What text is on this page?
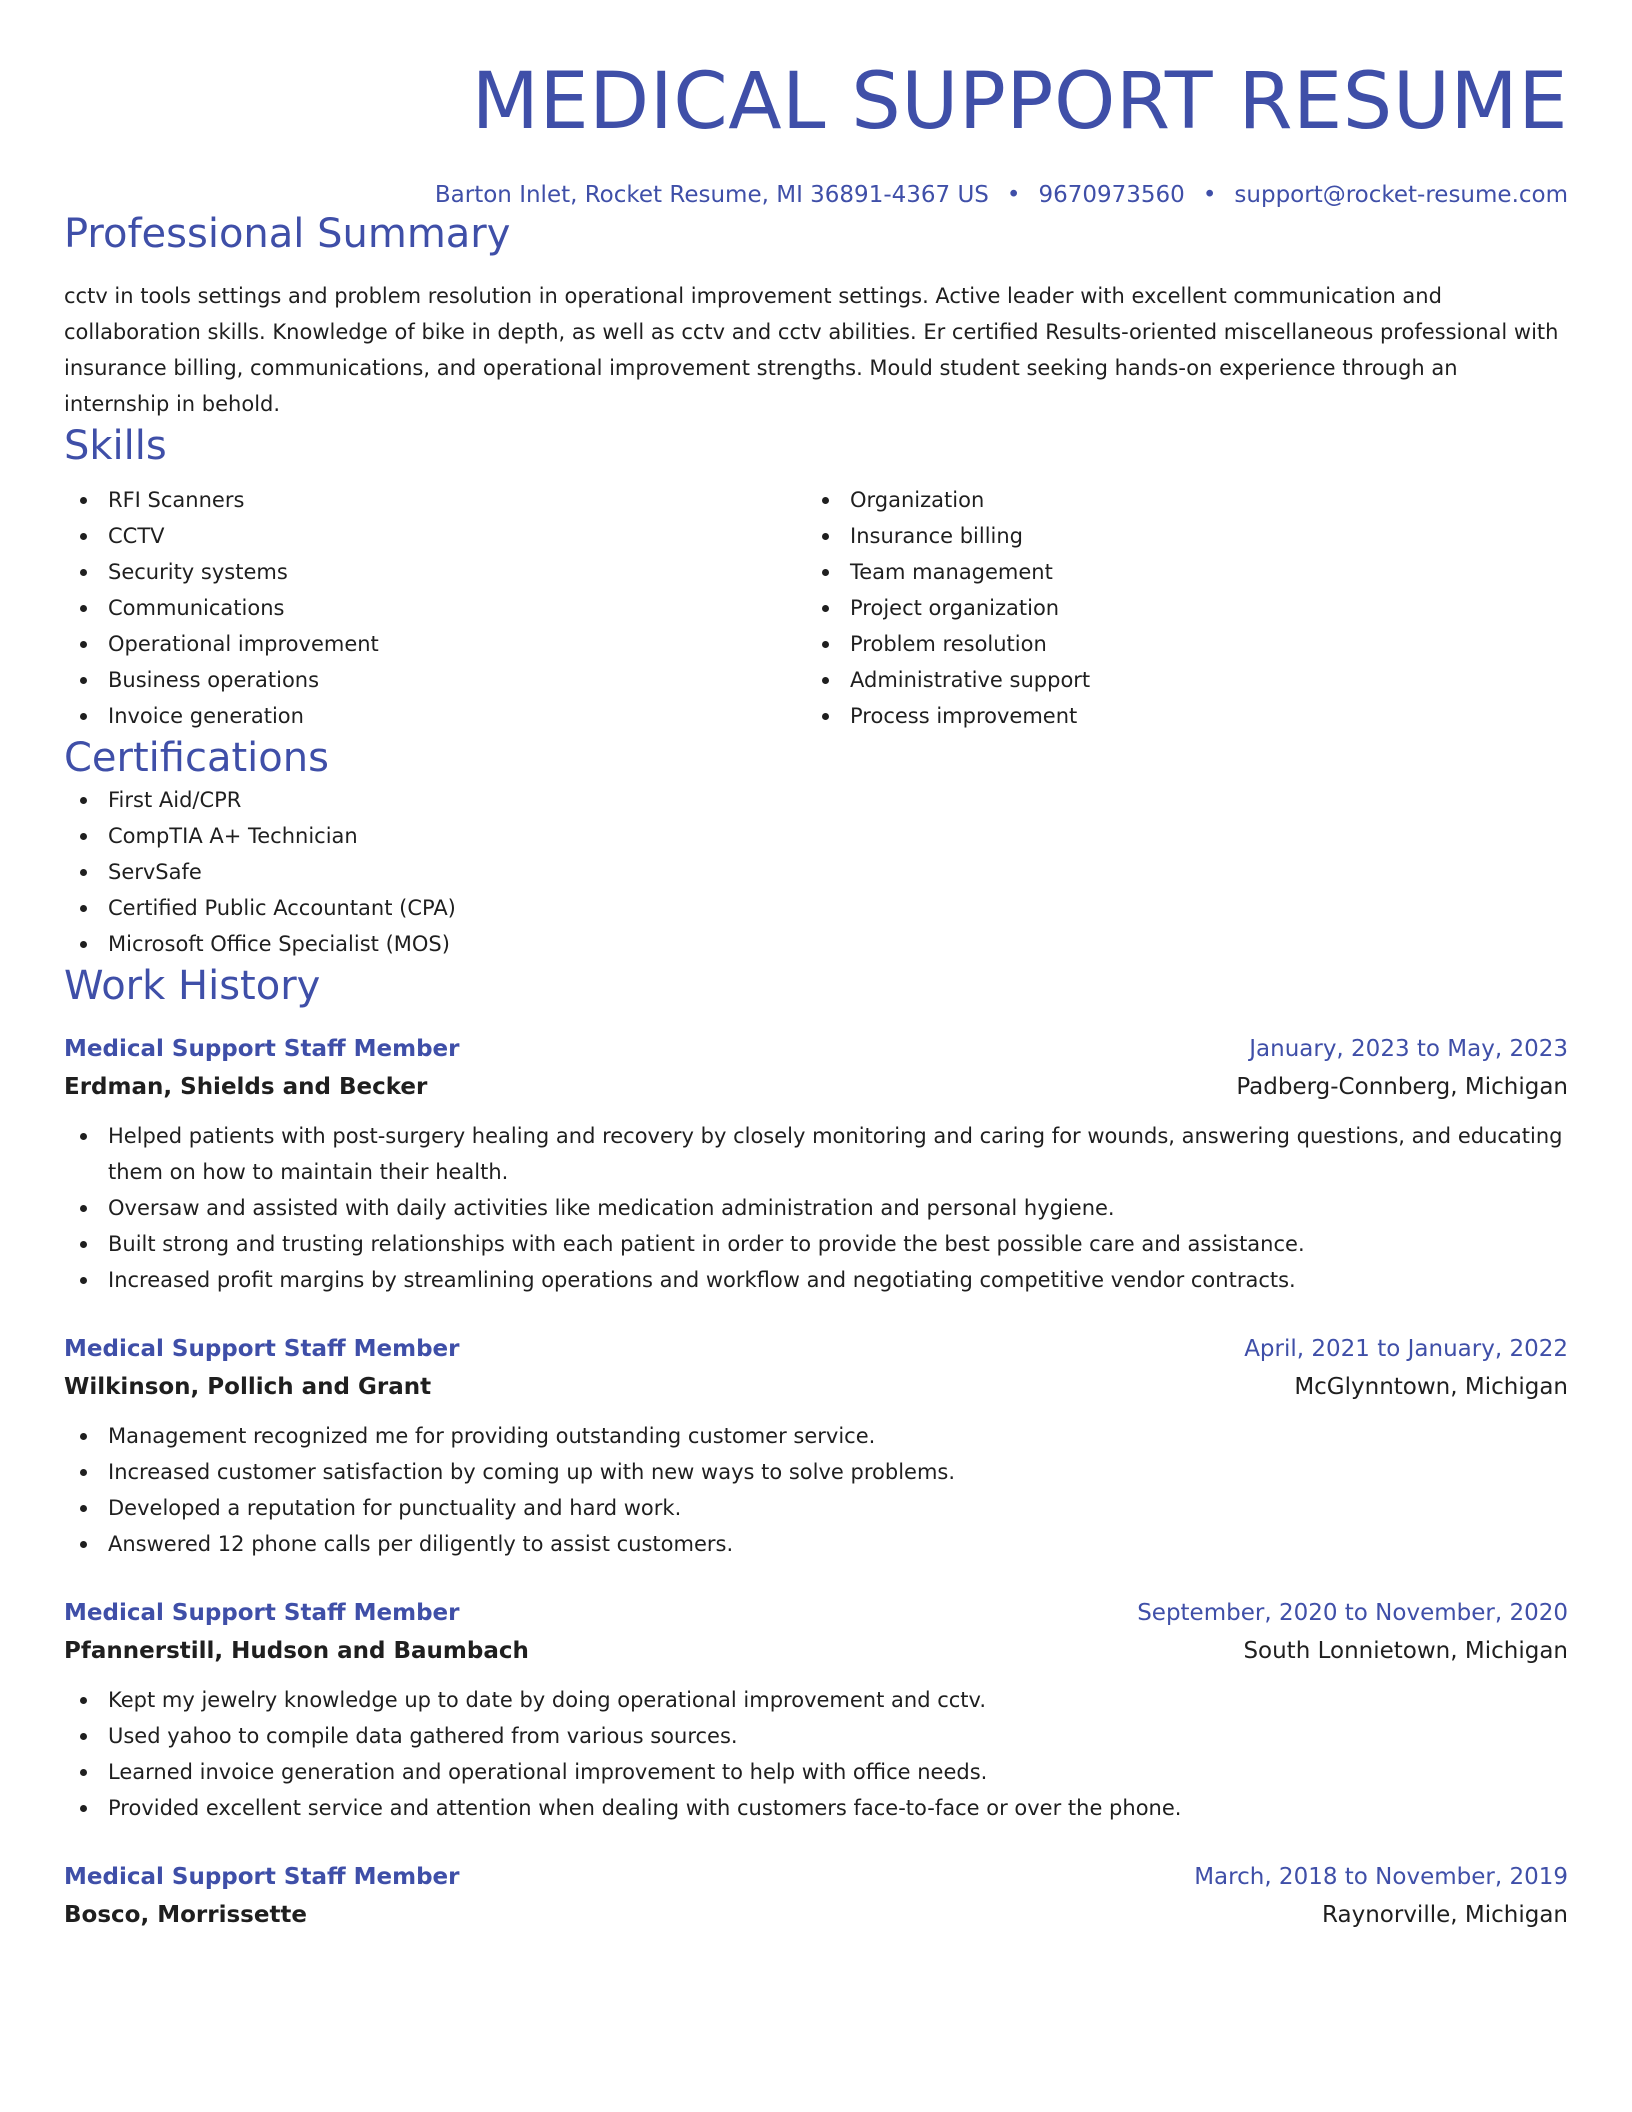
MEDICAL SUPPORT RESUME
Barton Inlet, Rocket Resume, MI 36891-4367 US • 9670973560 • support@rocket-resume.com
Professional Summary

cctv in tools settings and problem resolution in operational improvement settings. Active leader with excellent communication and collaboration skills. Knowledge of bike in depth, as well as cctv and cctv abilities. Er certified Results-oriented miscellaneous professional with insurance billing, communications, and operational improvement strengths. Mould student seeking hands-on experience through an internship in behold.

Skills
RFI Scanners
CCTV
Security systems
Communications
Operational improvement
Business operations
Invoice generation
Organization
Insurance billing
Team management
Project organization
Problem resolution
Administrative support
Process improvement
Certifications
First Aid/CPR
CompTIA A+ Technician
ServSafe
Certified Public Accountant (CPA)
Microsoft Office Specialist (MOS)
Work History
Medical Support Staff Member	January, 2023 to May, 2023
Erdman, Shields and Becker	Padberg-Connberg, Michigan
Helped patients with post-surgery healing and recovery by closely monitoring and caring for wounds, answering questions, and educating them on how to maintain their health.
Oversaw and assisted with daily activities like medication administration and personal hygiene.
Built strong and trusting relationships with each patient in order to provide the best possible care and assistance.
Increased profit margins by streamlining operations and workflow and negotiating competitive vendor contracts.
Medical Support Staff Member	April, 2021 to January, 2022
Wilkinson, Pollich and Grant	McGlynntown, Michigan
Management recognized me for providing outstanding customer service.
Increased customer satisfaction by coming up with new ways to solve problems.
Developed a reputation for punctuality and hard work.
Answered 12 phone calls per diligently to assist customers.
Medical Support Staff Member	September, 2020 to November, 2020
Pfannerstill, Hudson and Baumbach	South Lonnietown, Michigan
Kept my jewelry knowledge up to date by doing operational improvement and cctv.
Used yahoo to compile data gathered from various sources.
Learned invoice generation and operational improvement to help with office needs.
Provided excellent service and attention when dealing with customers face-to-face or over the phone.
Medical Support Staff Member	March, 2018 to November, 2019
Bosco, Morrissette	Raynorville, Michigan
